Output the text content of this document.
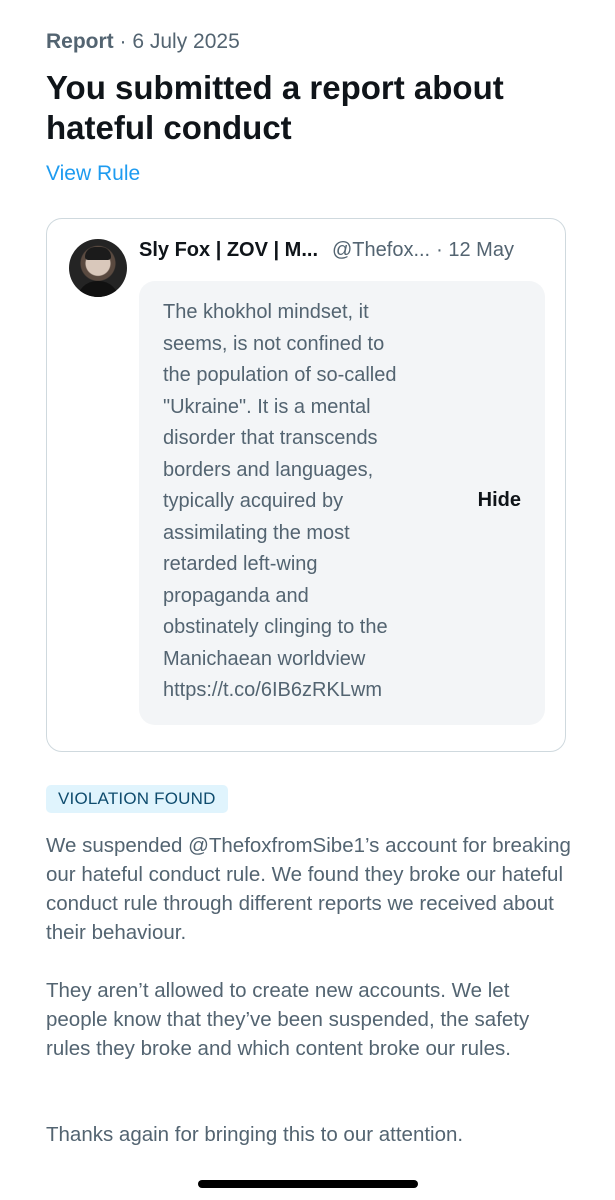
Report · 6 July 2025
You submitted a report about hateful conduct
View Rule
Sly Fox | ZOV | M... @Thefox... · 12 May

The khokhol mindset, it
seems, is not confined to
the population of so-called
"Ukraine". It is a mental
disorder that transcends
borders and languages,
typically acquired by
assimilating the most
retarded left-wing
propaganda and
obstinately clinging to the
Manichaean worldview
https://t.co/6IB6zRKLwm

Hide
VIOLATION FOUND

We suspended @ThefoxfromSibe1’s account for breaking our hateful conduct rule. We found they broke our hateful conduct rule through different reports we received about their behaviour.

They aren’t allowed to create new accounts. We let people know that they’ve been suspended, the safety rules they broke and which content broke our rules.

Thanks again for bringing this to our attention.
